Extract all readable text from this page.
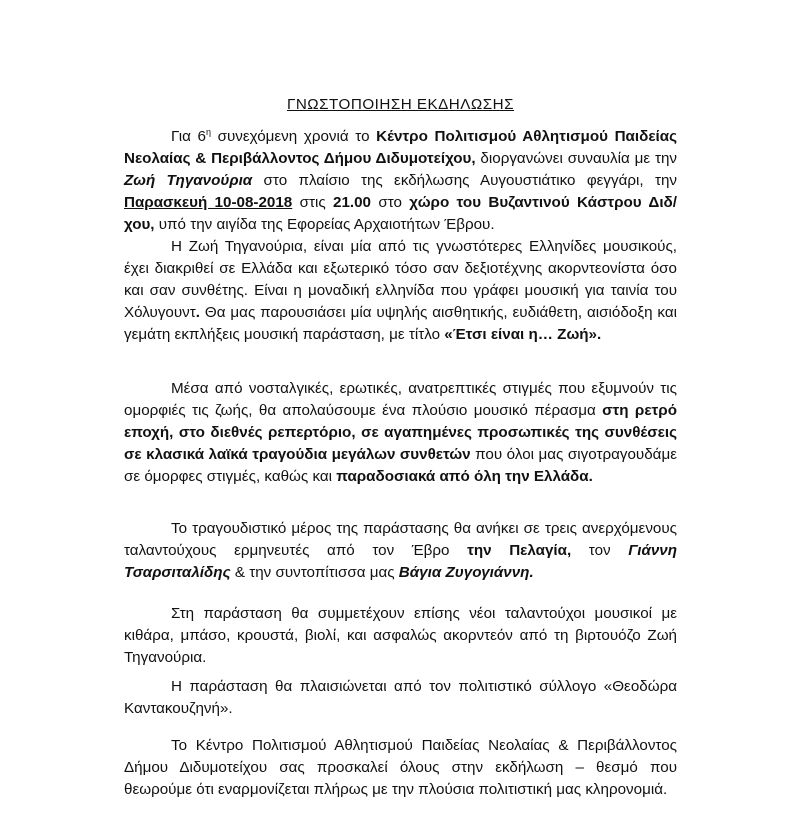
ΓΝΩΣΤΟΠΟΙΗΣΗ ΕΚΔΗΛΩΣΗΣ

Για $6^\eta$ συνεχόμενη χρονιά το Κέντρο Πολιτισμού Αθλητισμού Παιδείας Νεολαίας & Περιβάλλοντος Δήμου Διδυμοτείχου, διοργανώνει συναυλία με την Ζωή Τηγανούρια στο πλαίσιο της εκδήλωσης Αυγουστιάτικο φεγγάρι, την Παρασκευή 10-08-2018 στις 21.00 στο χώρο του Βυζαντινού Κάστρου Διδ/χου, υπό την αιγίδα της Εφορείας Αρχαιοτήτων Έβρου.

Η Ζωή Τηγανούρια, είναι μία από τις γνωστότερες Ελληνίδες μουσικούς, έχει διακριθεί σε Ελλάδα και εξωτερικό τόσο σαν δεξιοτέχνης ακορντεονίστα όσο και σαν συνθέτης. Είναι η μοναδική ελληνίδα που γράφει μουσική για ταινία του Χόλυγουντ. Θα μας παρουσιάσει μία υψηλής αισθητικής, ευδιάθετη, αισιόδοξη και γεμάτη εκπλήξεις μουσική παράσταση, με τίτλο «Έτσι είναι η… Ζωή».

Μέσα από νοσταλγικές, ερωτικές, ανατρεπτικές στιγμές που εξυμνούν τις ομορφιές τις ζωής, θα απολαύσουμε ένα πλούσιο μουσικό πέρασμα στη ρετρό εποχή, στο διεθνές ρεπερτόριο, σε αγαπημένες προσωπικές της συνθέσεις σε κλασικά λαϊκά τραγούδια μεγάλων συνθετών που όλοι μας σιγοτραγουδάμε σε όμορφες στιγμές, καθώς και παραδοσιακά από όλη την Ελλάδα.

Το τραγουδιστικό μέρος της παράστασης θα ανήκει σε τρεις ανερχόμενους ταλαντούχους ερμηνευτές από τον Έβρο την Πελαγία, τον Γιάννη Τσαρσιταλίδης & την συντοπίτισσα μας Βάγια Ζυγογιάννη.

Στη παράσταση θα συμμετέχουν επίσης νέοι ταλαντούχοι μουσικοί με κιθάρα, μπάσο, κρουστά, βιολί, και ασφαλώς ακορντεόν από τη βιρτουόζο Ζωή Τηγανούρια.

Η παράσταση θα πλαισιώνεται από τον πολιτιστικό σύλλογο «Θεοδώρα Καντακουζηνή».

Το Κέντρο Πολιτισμού Αθλητισμού Παιδείας Νεολαίας & Περιβάλλοντος Δήμου Διδυμοτείχου σας προσκαλεί όλους στην εκδήλωση – θεσμό που θεωρούμε ότι εναρμονίζεται πλήρως με την πλούσια πολιτιστική μας κληρονομιά.
